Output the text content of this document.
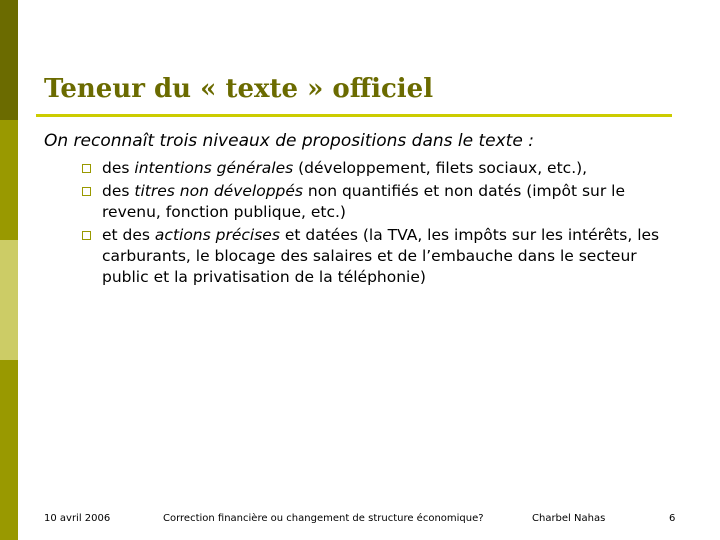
Teneur du « texte » officiel
On reconnaît trois niveaux de propositions dans le texte :
des intentions générales (développement, filets sociaux, etc.),
des titres non développés non quantifiés et non datés (impôt sur le revenu, fonction publique, etc.)
et des actions précises et datées (la TVA, les impôts sur les intérêts, les carburants, le blocage des salaires et de l’embauche dans le secteur public et la privatisation de la téléphonie)
10 avril 2006	Correction financière ou changement de structure économique?	Charbel Nahas	6
